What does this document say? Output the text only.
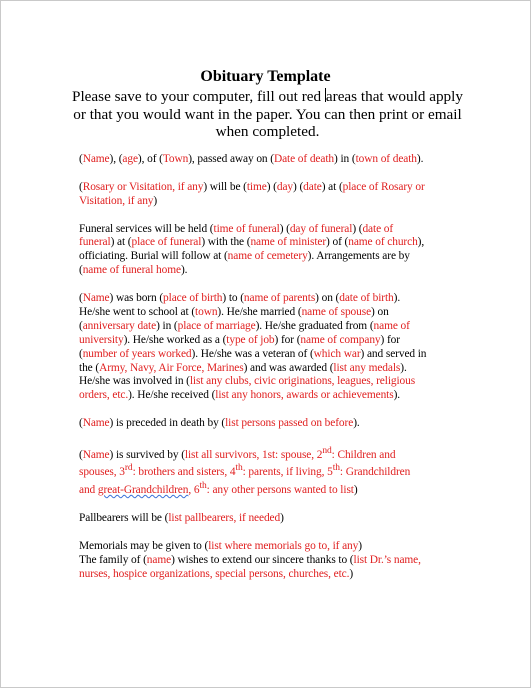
Obituary Template
Please save to your computer, fill out red areas that would apply or that you would want in the paper. You can then print or email when completed.

(Name), (age), of (Town), passed away on (Date of death) in (town of death).

(Rosary or Visitation, if any) will be (time) (day) (date) at (place of Rosary or Visitation, if any)

Funeral services will be held (time of funeral) (day of funeral) (date of funeral) at (place of funeral) with the (name of minister) of (name of church), officiating. Burial will follow at (name of cemetery). Arrangements are by (name of funeral home).

(Name) was born (place of birth) to (name of parents) on (date of birth). He/she went to school at (town). He/she married (name of spouse) on (anniversary date) in (place of marriage). He/she graduated from (name of university). He/she worked as a (type of job) for (name of company) for (number of years worked). He/she was a veteran of (which war) and served in the (Army, Navy, Air Force, Marines) and was awarded (list any medals). He/she was involved in (list any clubs, civic originations, leagues, religious orders, etc.). He/she received (list any honors, awards or achievements).

(Name) is preceded in death by (list persons passed on before).

(Name) is survived by (list all survivors, 1st: spouse, 2nd: Children and spouses, 3rd: brothers and sisters, 4th: parents, if living, 5th: Grandchildren and great-Grandchildren, 6th: any other persons wanted to list)

Pallbearers will be (list pallbearers, if needed)

Memorials may be given to (list where memorials go to, if any)

The family of (name) wishes to extend our sincere thanks to (list Dr.’s name, nurses, hospice organizations, special persons, churches, etc.)
